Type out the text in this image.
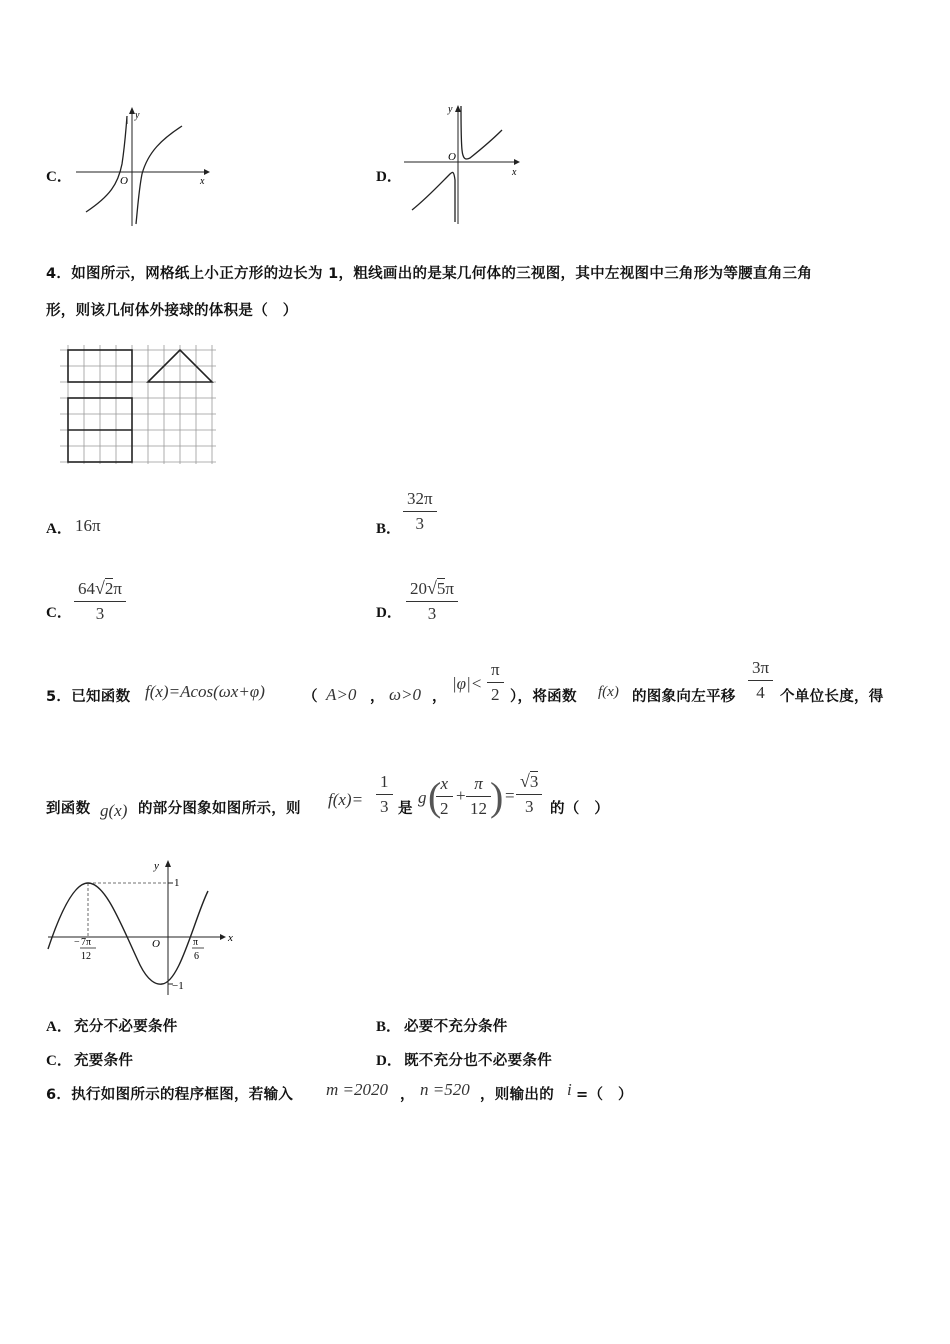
C．	x
y
O	D．	x
y
O
4．如图所示，网格纸上小正方形的边长为 1，粗线画出的是某几何体的三视图，其中左视图中三角形为等腰直角三角
形，则该几何体外接球的体积是（　）
A． 16π	B． $\frac{32\pi}{3}$
C． $\frac{64√2\pi}{3}$	D． $\frac{20√5\pi}{3}$
5．已知函数 f(x)=Acos(ωx+φ)	（ A>0 ， ω>0 ，
$|\varphi|< \frac{\pi}{2}$ ），将函数 f(x) 的图象向左平移 $\frac{3\pi}{4}$ 个单位长度，得
到函数 g(x) 的部分图象如图所示，则 $f(x)= \frac{1}{3}$ 是
g (
$\frac{x}{2} + \frac{\pi}{12}$ ) = $\frac{√3}{3}$ 的（　）
x
y
O
1
−1
− 7π
12
π
6
A． 充分不必要条件	B． 必要不充分条件
C． 充要条件	D． 既不充分也不必要条件
6．执行如图所示的程序框图，若输入 m =2020 ， n =520 ，则输出的 i =（　）
